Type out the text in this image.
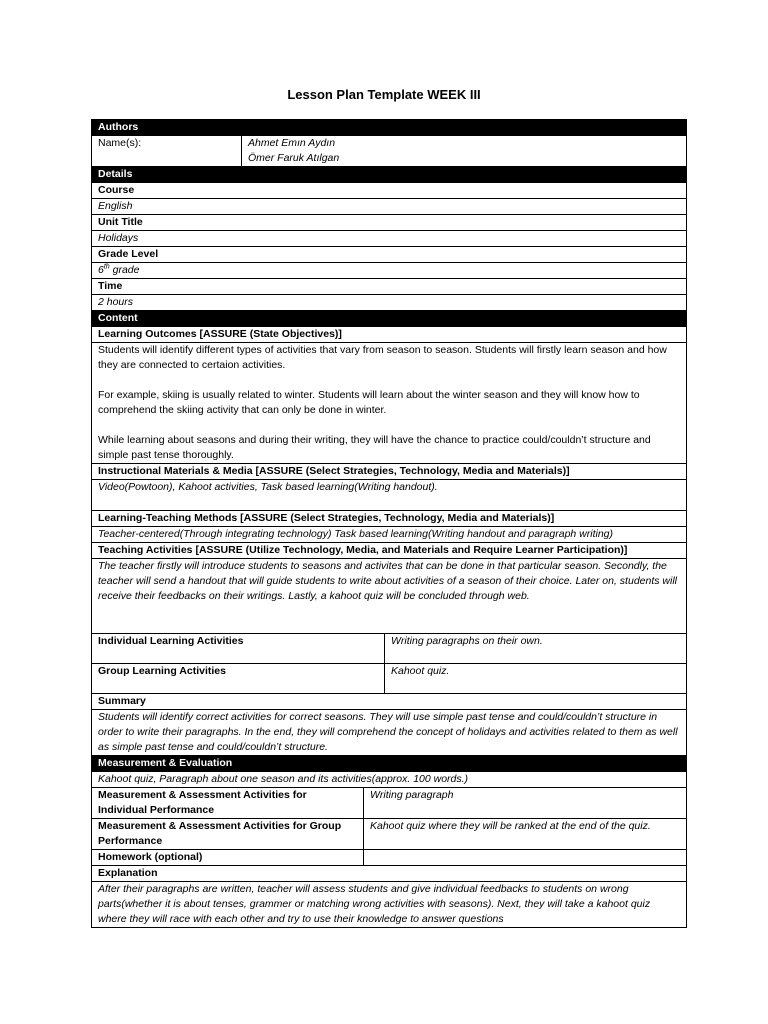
Lesson Plan Template WEEK III
Authors			
Name(s):	Ahmet Emın Aydın
Ömer Faruk Atılgan		

Details			
Course			
English			
Unit Title			
Holidays			
Grade Level			
6th grade			
Time			
2 hours			
Content			
Learning Outcomes [ASSURE (State Objectives)]			

Students will identify different types of activities that vary from season to season. Students will firstly learn season and how they are connected to certaion activities.

For example, skiing is usually related to winter. Students will learn about the winter season and they will know how to comprehend the skiing activity that can only be done in winter.

While learning about seasons and during their writing, they will have the chance to practice could/couldn’t structure and simple past tense thoroughly.			

Instructional Materials & Media [ASSURE (Select Strategies, Technology, Media and Materials)]			
Video(Powtoon), Kahoot activities, Task based learning(Writing handout).			
Learning-Teaching Methods [ASSURE (Select Strategies, Technology, Media and Materials)]			
Teacher-centered(Through integrating technology) Task based learning(Writing handout and paragraph writing)			
Teaching Activities [ASSURE (Utilize Technology, Media, and Materials and Require Learner Participation)]			
The teacher firstly will introduce students to seasons and activites that can be done in that particular season. Secondly, the teacher will send a handout that will guide students to write about activities of a season of their choice. Later on, students will receive their feedbacks on their writings. Lastly, a kahoot quiz will be concluded through web.			
Individual Learning Activities			Writing paragraphs on their own.
Group Learning Activities			Kahoot quiz.
Summary			
Students will identify correct activities for correct seasons. They will use simple past tense and could/couldn’t structure in order to write their paragraphs. In the end, they will comprehend the concept of holidays and activities related to them as well as simple past tense and could/couldn’t structure.			
Measurement & Evaluation			
Kahoot quiz, Paragraph about one season and its activities(approx. 100 words.)			
Measurement & Assessment Activities for Individual Performance		Writing paragraph	
Measurement & Assessment Activities for Group Performance		Kahoot quiz where they will be ranked at the end of the quiz.	
Homework (optional)			
Explanation			
After their paragraphs are written, teacher will assess students and give individual feedbacks to students on wrong parts(whether it is about tenses, grammer or matching wrong activities with seasons). Next, they will take a kahoot quiz where they will race with each other and try to use their knowledge to answer questions			
